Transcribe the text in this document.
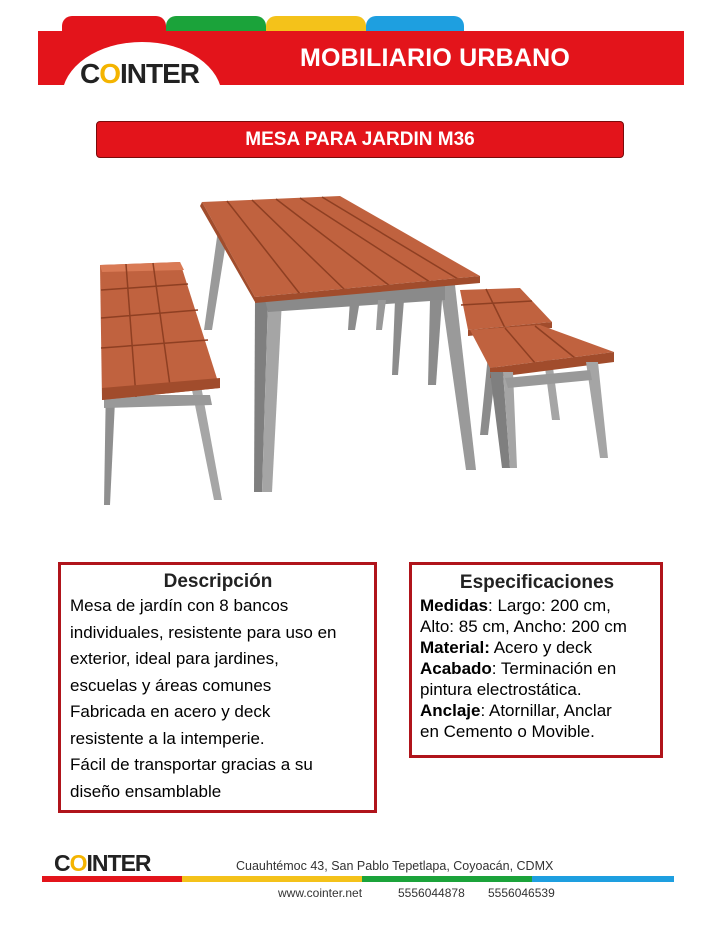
MOBILIARIO URBANO
COINTER
MESA PARA JARDIN M36
Descripción

Mesa de jardín con 8 bancos

individuales, resistente para uso en

exterior, ideal para jardines,

escuelas y áreas comunes

Fabricada en acero y deck

resistente a la intemperie.

Fácil de transportar gracias a su

diseño ensamblable

Especificaciones
Medidas: Largo: 200 cm,
Alto: 85 cm, Ancho: 200 cm
Material: Acero y deck
Acabado: Terminación en
pintura electrostática.
Anclaje: Atornillar, Anclar
en Cemento o Movible.
COINTER	Cuauhtémoc 43, San Pablo Tepetlapa, Coyoacán, CDMX
www.cointer.net	5556044878 5556046539
